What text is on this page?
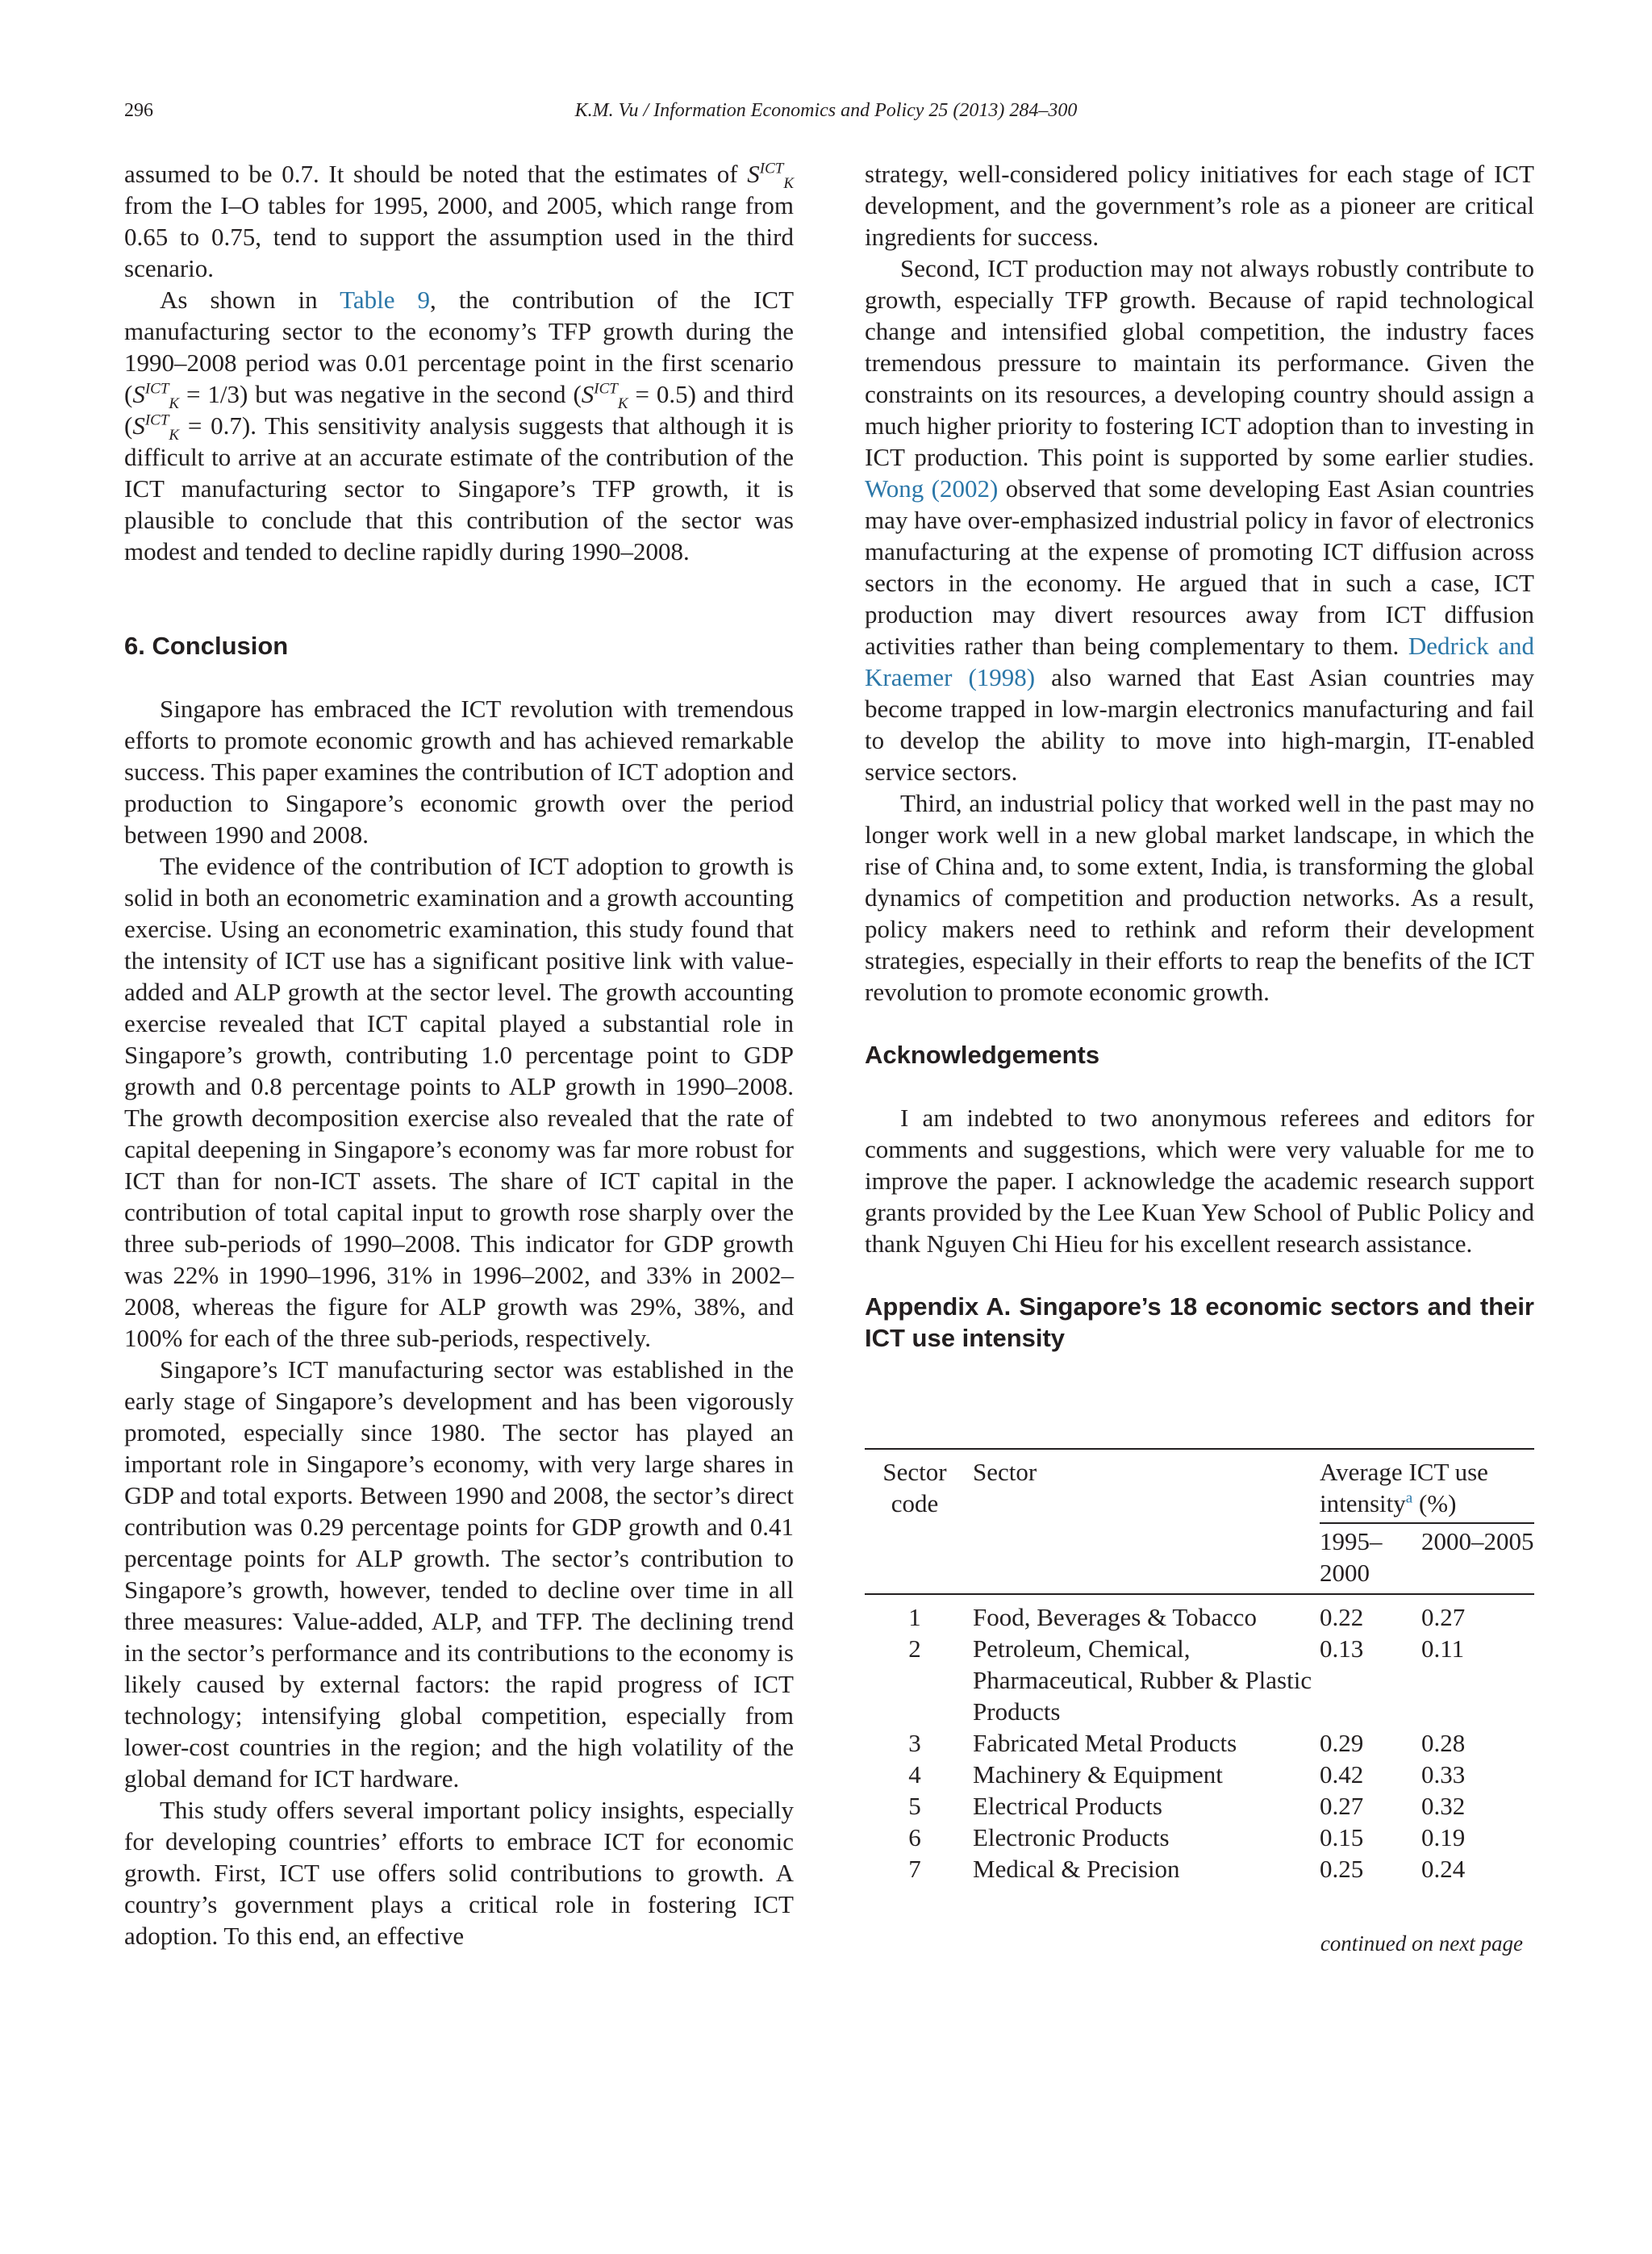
296	K.M. Vu / Information Economics and Policy 25 (2013) 284–300

assumed to be 0.7. It should be noted that the estimates of $S^{ICT}_K$ from the I–O tables for 1995, 2000, and 2005, which range from 0.65 to 0.75, tend to support the assumption used in the third scenario.

As shown in Table 9, the contribution of the ICT manufacturing sector to the economy’s TFP growth during the 1990–2008 period was 0.01 percentage point in the first scenario $(S^{ICT}_K = 1/3)$ but was negative in the second $(S^{ICT}_K = 0.5)$ and third $(S^{ICT}_K = 0.7)$. This sensitivity analysis suggests that although it is difficult to arrive at an accurate estimate of the contribution of the ICT manufacturing sector to Singapore’s TFP growth, it is plausible to conclude that this contribution of the sector was modest and tended to decline rapidly during 1990–2008.

6. Conclusion

Singapore has embraced the ICT revolution with tremendous efforts to promote economic growth and has achieved remarkable success. This paper examines the contribution of ICT adoption and production to Singapore’s economic growth over the period between 1990 and 2008.

The evidence of the contribution of ICT adoption to growth is solid in both an econometric examination and a growth accounting exercise. Using an econometric examination, this study found that the intensity of ICT use has a significant positive link with value-added and ALP growth at the sector level. The growth accounting exercise revealed that ICT capital played a substantial role in Singapore’s growth, contributing 1.0 percentage point to GDP growth and 0.8 percentage points to ALP growth in 1990–2008. The growth decomposition exercise also revealed that the rate of capital deepening in Singapore’s economy was far more robust for ICT than for non-ICT assets. The share of ICT capital in the contribution of total capital input to growth rose sharply over the three sub-periods of 1990–2008. This indicator for GDP growth was 22% in 1990–1996, 31% in 1996–2002, and 33% in 2002–2008, whereas the figure for ALP growth was 29%, 38%, and 100% for each of the three sub-periods, respectively.

Singapore’s ICT manufacturing sector was established in the early stage of Singapore’s development and has been vigorously promoted, especially since 1980. The sector has played an important role in Singapore’s economy, with very large shares in GDP and total exports. Between 1990 and 2008, the sector’s direct contribution was 0.29 percentage points for GDP growth and 0.41 percentage points for ALP growth. The sector’s contribution to Singapore’s growth, however, tended to decline over time in all three measures: Value-added, ALP, and TFP. The declining trend in the sector’s performance and its contributions to the economy is likely caused by external factors: the rapid progress of ICT technology; intensifying global competition, especially from lower-cost countries in the region; and the high volatility of the global demand for ICT hardware.

This study offers several important policy insights, especially for developing countries’ efforts to embrace ICT for economic growth. First, ICT use offers solid contributions to growth. A country’s government plays a critical role in fostering ICT adoption. To this end, an effective

strategy, well-considered policy initiatives for each stage of ICT development, and the government’s role as a pioneer are critical ingredients for success.

Second, ICT production may not always robustly contribute to growth, especially TFP growth. Because of rapid technological change and intensified global competition, the industry faces tremendous pressure to maintain its performance. Given the constraints on its resources, a developing country should assign a much higher priority to fostering ICT adoption than to investing in ICT production. This point is supported by some earlier studies. Wong (2002) observed that some developing East Asian countries may have over-emphasized industrial policy in favor of electronics manufacturing at the expense of promoting ICT diffusion across sectors in the economy. He argued that in such a case, ICT production may divert resources away from ICT diffusion activities rather than being complementary to them. Dedrick and Kraemer (1998) also warned that East Asian countries may become trapped in low-margin electronics manufacturing and fail to develop the ability to move into high-margin, IT-enabled service sectors.

Third, an industrial policy that worked well in the past may no longer work well in a new global market landscape, in which the rise of China and, to some extent, India, is transforming the global dynamics of competition and production networks. As a result, policy makers need to rethink and reform their development strategies, especially in their efforts to reap the benefits of the ICT revolution to promote economic growth.

Acknowledgements

I am indebted to two anonymous referees and editors for comments and suggestions, which were very valuable for me to improve the paper. I acknowledge the academic research support grants provided by the Lee Kuan Yew School of Public Policy and thank Nguyen Chi Hieu for his excellent research assistance.

Appendix A. Singapore’s 18 economic sectors and their ICT use intensity
Sector code	Sector	Average ICT use intensity$^a$ (%)	
		1995–2000	2000–2005
1	Food, Beverages & Tobacco	0.22	0.27
2	Petroleum, Chemical, Pharmaceutical, Rubber & Plastic Products	0.13	0.11
3	Fabricated Metal Products	0.29	0.28
4	Machinery & Equipment	0.42	0.33
5	Electrical Products	0.27	0.32
6	Electronic Products	0.15	0.19
7	Medical & Precision	0.25	0.24
continued on next page
